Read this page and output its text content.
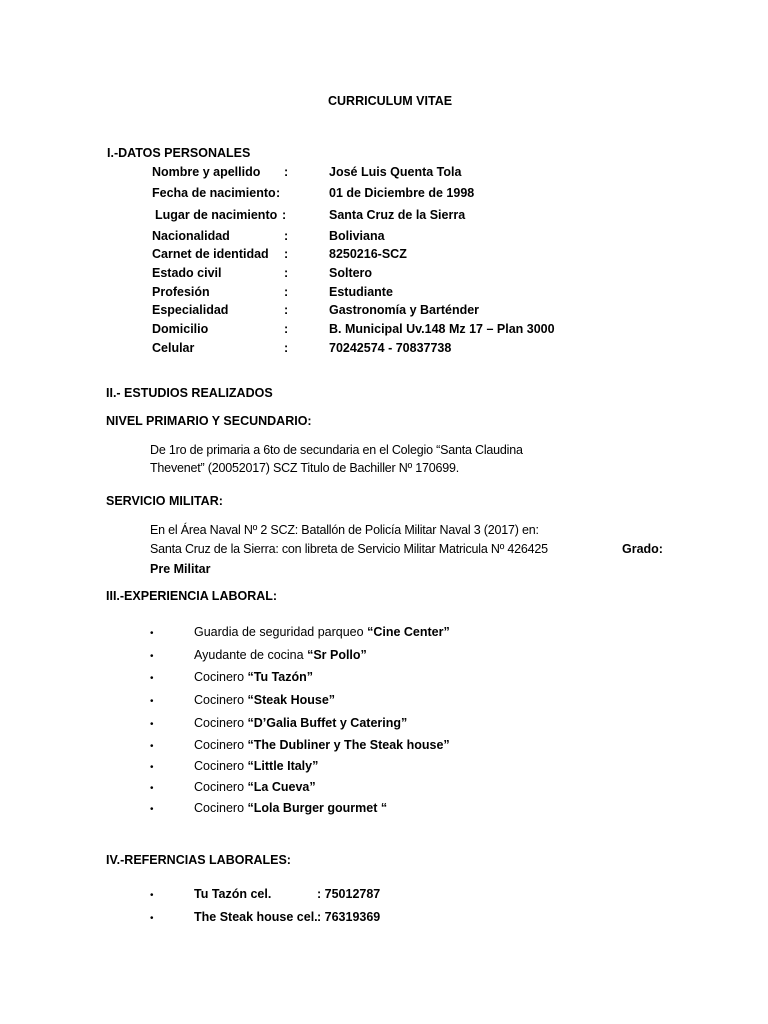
CURRICULUM VITAE
I.-DATOS PERSONALES
Nombre y apellido :	José Luis Quenta Tola
Fecha de nacimiento :	01 de Diciembre de 1998
Lugar de nacimiento :	Santa Cruz de la Sierra
Nacionalidad	:	Boliviana
Carnet de identidad :	8250216-SCZ
Estado civil	:	Soltero
Profesión	:	Estudiante
Especialidad	:	Gastronomía y Barténder
Domicilio	:	B. Municipal Uv.148 Mz 17 – Plan 3000
Celular	:	70242574 - 70837738
II.- ESTUDIOS REALIZADOS
NIVEL PRIMARIO Y SECUNDARIO:
De 1ro de primaria a 6to de secundaria en el Colegio “Santa Claudina
Thevenet” (20052017) SCZ Titulo de Bachiller Nº 170699.
SERVICIO MILITAR:
En el Área Naval Nº 2 SCZ: Batallón de Policía Militar Naval 3 (2017) en:
Santa Cruz de la Sierra: con libreta de Servicio Militar Matricula Nº 426425	Grado:
Pre Militar
III.-EXPERIENCIA LABORAL:
•	Guardia de seguridad parqueo “Cine Center”
•	Ayudante de cocina “Sr Pollo”
•	Cocinero “Tu Tazón”
•	Cocinero “Steak House”
•	Cocinero “D’Galia Buffet y Catering”
•	Cocinero “The Dubliner y The Steak house”
•	Cocinero “Little Italy”
•	Cocinero “La Cueva”
•	Cocinero “Lola Burger gourmet “
IV.-REFERNCIAS LABORALES:
•	Tu Tazón cel.	: 75012787
•	The Steak house cel. : 76319369
